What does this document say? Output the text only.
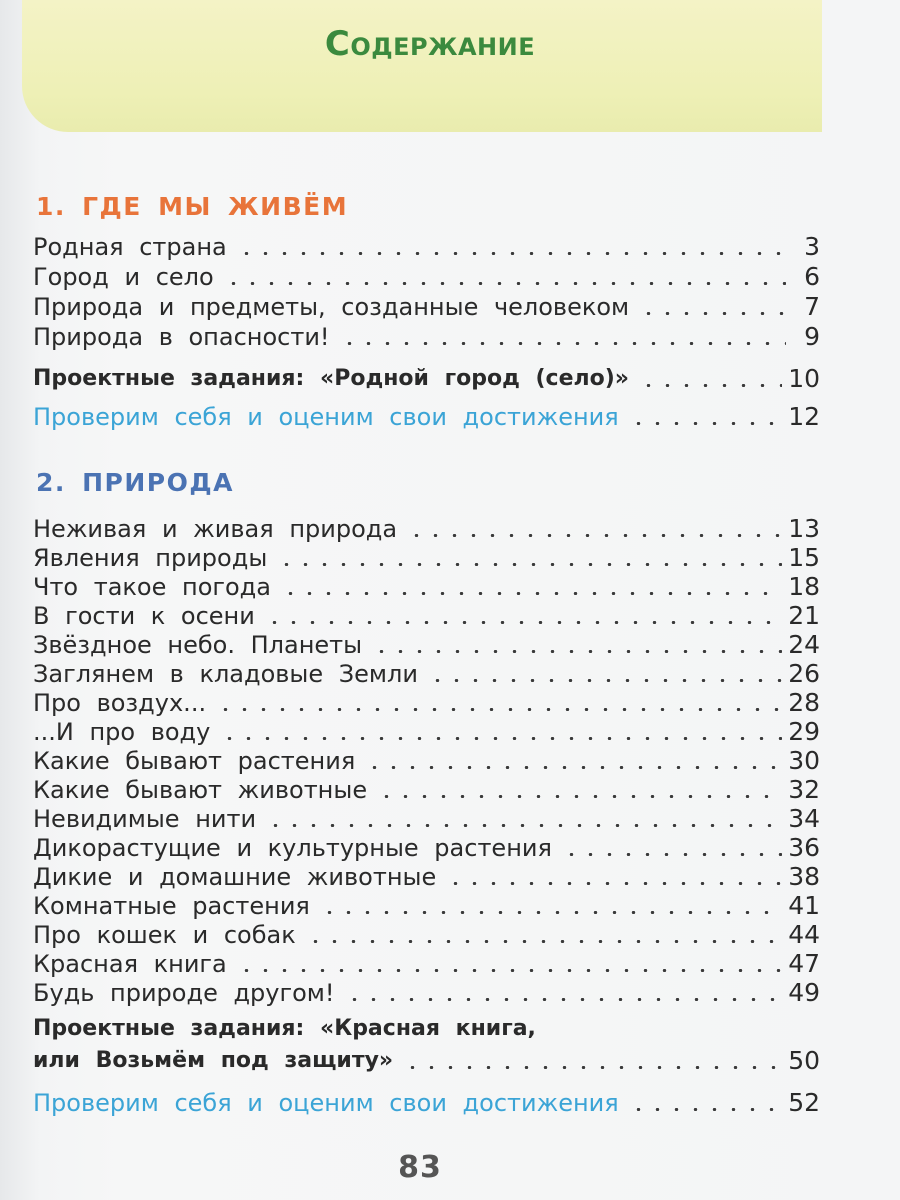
Содержание
1. ГДЕ МЫ ЖИВЁМ
Родная страна	3
Город и село	6
Природа и предметы, созданные человеком	7
Природа в опасности!	9
Проектные задания: «Родной город (село)»	10
Проверим себя и оценим свои достижения	12
2. ПРИРОДА
Неживая и живая природа	13
Явления природы	15
Что такое погода	18
В гости к осени	21
Звёздное небо. Планеты	24
Заглянем в кладовые Земли	26
Про воздух...	28
...И про воду	29
Какие бывают растения	30
Какие бывают животные	32
Невидимые нити	34
Дикорастущие и культурные растения	36
Дикие и домашние животные	38
Комнатные растения	41
Про кошек и собак	44
Красная книга	47
Будь природе другом!	49
Проектные задания: «Красная книга,
или Возьмём под защиту»	50
Проверим себя и оценим свои достижения	52
83
